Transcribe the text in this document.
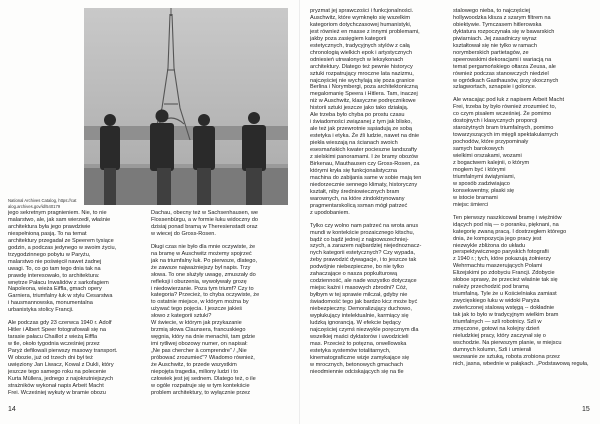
National Archives Catalog, https://catalog.archives.gov/id/540179

jego sekretnym pragnieniem. Nie, to nie
malarstwo, ale, jak sam wierzedł, właśnie
architektura była jego prawdziwie
niespełnioną pasją. To na temat
architektury przegadał ze Speerem tysiące
godzin, a podczas jedynego w swoim życiu,
trzygodzinnego pobytu w Paryżu,
malarstwo nie poświęcił nawet żadnej
uwagi. To, co go tam tego dnia tak na
prawdę interesowało, to architektura:
wnętrze Pałacu Inwalidów z sarkofagiem
Napoleona, wieża Eiffla, gmach opery
Garniera, triumfalny łuk w stylu Cesarstwa
i hausmannowska, monumentalna
urbanistyka stolicy Francji.

Ale podczas gdy 23 czerwca 1940 r. Adolf
Hitler i Albert Speer fotografowali się na
tarasie pałacu Chaillot z wieżą Eiffla
w tle, około tygodnia wcześniej przez
Paryż defilowali pierwszy masowy transport.
W obozie, już od trzech dni był też
uwięziony Jan Liwacz, Kowal z Dukli, który
jeszcze tego samego roku na polecenie
Kurta Müllera, jednego z najokrutniejszych
strażników wykonał napis Arbeit Macht
Frei. Wcześniej wykuty w bramie obozu

Dachau, obecny też w Sachsenhausen, we
Flossenbürgu, a w formie łuku widoczny do
dzisiaj ponad bramą w Theresienstadt oraz
w wiecej do Gross-Rosen.

Długi czas nie było dla mnie oczywiste, że
na bramę w Auschwitz możemy spojrzeć
jak na triumfalny łuk. Po pierwsze, dlatego,
że zawsze najważniejszy był napis. Trzy
słowa. To one służyły uwagę, zmuszały do
refleksji i oburzenia, wywoływały grozę
i niedowierzanie. Poza tym triumf? Czy to
kategoria? Przecież, to chyba oczywiste, że
to ostatnie miejsce, w którym można by
używać tego pojęcia. I jeszcze jakieś
słowo z kategorii sztuki?
W świecie, w którym jak przykazanie
brzmią słowa Claunsera, francuskiego
węgnia, który na dnie menachii, tam gdzie
imi rytliwej obozowy numer, on napisał:
„Ne pas chercher à comprendre” / „Nie
próbować zrozumieć”? Wiadomo również,
że Auschwitz, to przede wszystkim
niepojęta tragedia, miliony ludzi i to
człowiek jest jej sednem. Dlatego też, o ile
w ogóle rozpatruje się w tym kontekście
problem architektury, to wyłącznie przez

14

pryzmat jej sprawczości i funkcjonalności.
Auschwitz, które wymknęło się wszelkim
kategoriom dotychczasowej humanistyki,
jest również en masse z innymi problemami,
jakby poza zasięgiem kategorii
estetycznych, tradycyjnych stylów z całą
chronologią wielkich epok i artystycznych
odniesień utrwalonych w leksykonach
architektury. Dlatego też pewnie historycy
sztuki rozpatrujący mroczne lata nazizmu,
najczęściej nie wychylają się poza granice
Berlina i Norymbergi, poza architektoniczną
megalomanię Speera i Hitlera. Tam, inaczej
niż w Auschwitz, klasyczne podręcznikowe
historii sztuki jeszcze jako tako działają.
Ale trzeba było chyba po prostu czasu
i świadomości związanej z tym jak blisko,
ale też jak przewrotnie sąsiadują ze sobą
estetyka i etyka. Że źli ludzie, nawet na dnie
piekła wieszają na ścianach swoich
esesmańskich kwater pocieszne landszafty
z sielskimi panoramami. I że bramy obozów
Birkenau, Mauthausen czy Gross-Rosen, za
którymi kryła się funkcjonalistyczna
machina do zabijania same w sobie mają ten
niedorzecznie sennego klimaty, historyczny
kształt, niby średniowiecznych bram
warownych, na które zindoktrynowany
pragmentarskolicą ssman mógł patrzeć
z upodobaniem.

Tylko czy wolno nam patrzeć na wrota anus
mundi w kontekście prozaicznego kitschu,
bądź co bądź jednej z najpowszechniej-
szych, a zarazem najbardziej niejednoznacz-
nych kategorii estetycznych? Czy wypada,
żeby prawodzić dywagacje, i to jeszcze tak
podwójnie niebezpieczne, bo nie tylko
zahaczające o nasza popkulturową
codzienność, ale nade wszystko dotyczące
miejsc kaźni i masowych zbrodni? Cóż,
byłbym w tej sprawie milczał, gdyby nie
świadomość tego jak bardzo kicz może być
niebezpieczny. Demoralizujący duchowo,
wypłukujący intelektualnie, karmiący się
ludzką ignorancją. W efekcie będący
najczęściej czymś niezwykle poręcznym dla
wszelkiej maści dyktatorów i uwodzicieli
mas. Przecież to potęzna, orwellowska
estetyka systemów totalitarnych,
kinematograficzne wizje zamykające się
w mrocznych, betonowych gmachach
nieodmiennie odciskających się na tle

stalowego nieba, to najczęściej
hollywoodzka klisza z szarym filtrem na
obiektywie. Tymczasem hitlerowska
dyktatura rozpoczynała się w bawarskich
piwiarniach. Jej zasadniczy wyraz
kształtował się nie tylko w ramach
norymberskich partietagów, ze
speerowskimi dekoracjami i wariacją na
temat pergamońskiego ołtarza Zeusa, ale
również podczas stanowczych niedziel
w ogródkach Gasthausów, przy skocznych
szlagwortach, sznapsie i golonce.

Ale wracając pod łuk z napisem Arbeit Macht
Frei, trzeba by było również zrozumieć to,
co czym pisałem wcześniej. Że pomimo
dostojnych i klasycznych proporcji
starożytnych bram triumfalnych, pomimo
towarzyszących im mięgli spektakularnych
pochodów, które przypominały
samych barokowych
wielkimi orszakami, wozami
z bogactwem kalejnii, o którym
mogłem być i którymi
triumfalnymi świątyniami,
w sposób zadziwiająco
konsekwentny, płaski się
w istocie bramami
miejsc śmierci

Ten pierwszy naszkicował bramę i więźniów
idących pod nią — o poranku, pięknani, na
kategorię zwaną pracą. I dostrzegłem którego
dnia, że kompozycja jego pracy jest
niezwykle zbliżona do układu
perspektywicznego paryskich fotografii
z 1940 r.; tych, które pokazują żołnierzy
Wehrmachtu maszerujących Polami
Elizejskimi po zdobyciu Francji. Zdobycie
słoboe sprawy, że przecież właśnie tak się
należy przechodzić pod bramą
triumfalną. Tyle że u Kościelniaka zamiast
zwycięskiego łuku w widoki Paryża
zwieńczonej stalową wstęgą -- dokładnie
tak jak to było w tradycyjnym wielkim bram
triumfalnych — szli robotnicy. Szli w
zmęczone, gotowi na kolejny dzień
nieludzkiej pracy, który zaczynał się o
wschodzie. Na pierwszym planie, w miejscu
dumnych kolumn, Szli i umierali
wezwanie ze sztuką, robota zrobiona przez
nich, jasna, wbednie w pałąkach. „Podstawową reguła,

15
